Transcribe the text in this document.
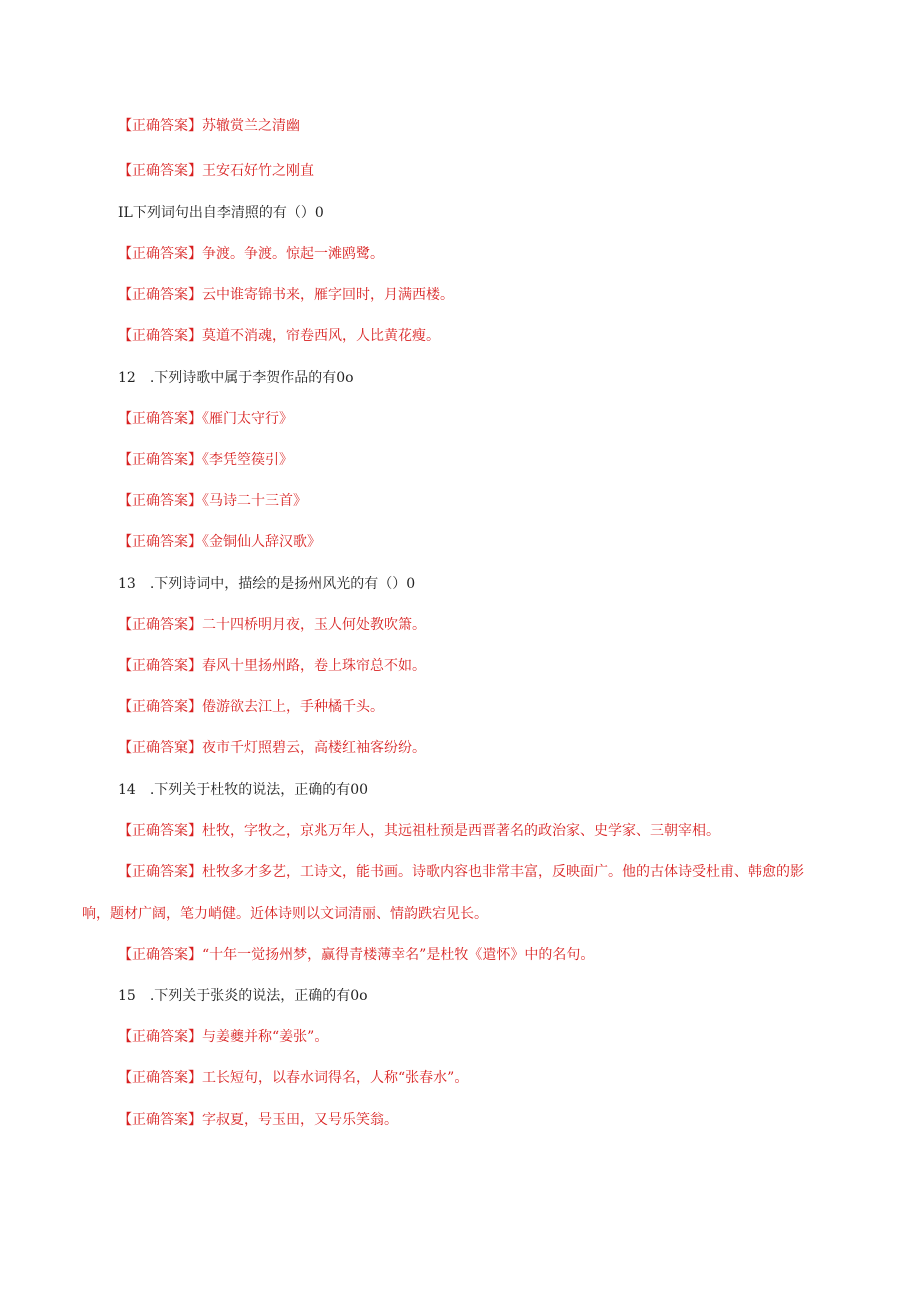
【正确答案】苏辙赏兰之清幽
【正确答案】王安石好竹之刚直
IL下列词句出自李清照的有（）0
【正确答案】争渡。争渡。惊起一滩鸥鹭。
【正确答案】云中谁寄锦书来，雁字回时，月满西楼。
【正确答案】莫道不消魂，帘卷西风，人比黄花瘦。
12　.下列诗歌中属于李贺作品的有0o
【正确答案】《雁门太守行》
【正确答案】《李凭箜篌引》
【正确答案】《马诗二十三首》
【正确答案】《金铜仙人辞汉歌》
13　.下列诗词中，描绘的是扬州风光的有（）0
【正确答案】二十四桥明月夜，玉人何处教吹箫。
【正确答案】春风十里扬州路，卷上珠帘总不如。
【正确答案】倦游欲去江上，手种橘千头。
【正确答窠】夜市千灯照碧云，高楼红袖客纷纷。
14　.下列关于杜牧的说法，正确的有00
【正确答案】杜牧，字牧之，京兆万年人，其远祖杜预是西晋著名的政治家、史学家、三朝宰相。
【正确答案】杜牧多才多艺，工诗文，能书画。诗歌内容也非常丰富，反映面广。他的古体诗受杜甫、韩愈的影
响，题材广阔，笔力峭健。近体诗则以文词清丽、情韵跌宕见长。
【正确答案】“十年一觉扬州梦，赢得青楼薄幸名”是杜牧《遣怀》中的名句。
15　.下列关于张炎的说法，正确的有0o
【正确答案】与姜夔并称“姜张”。
【正确答案】工长短句，以春水词得名，人称“张春水”。
【正确答案】字叔夏，号玉田，又号乐笑翁。
